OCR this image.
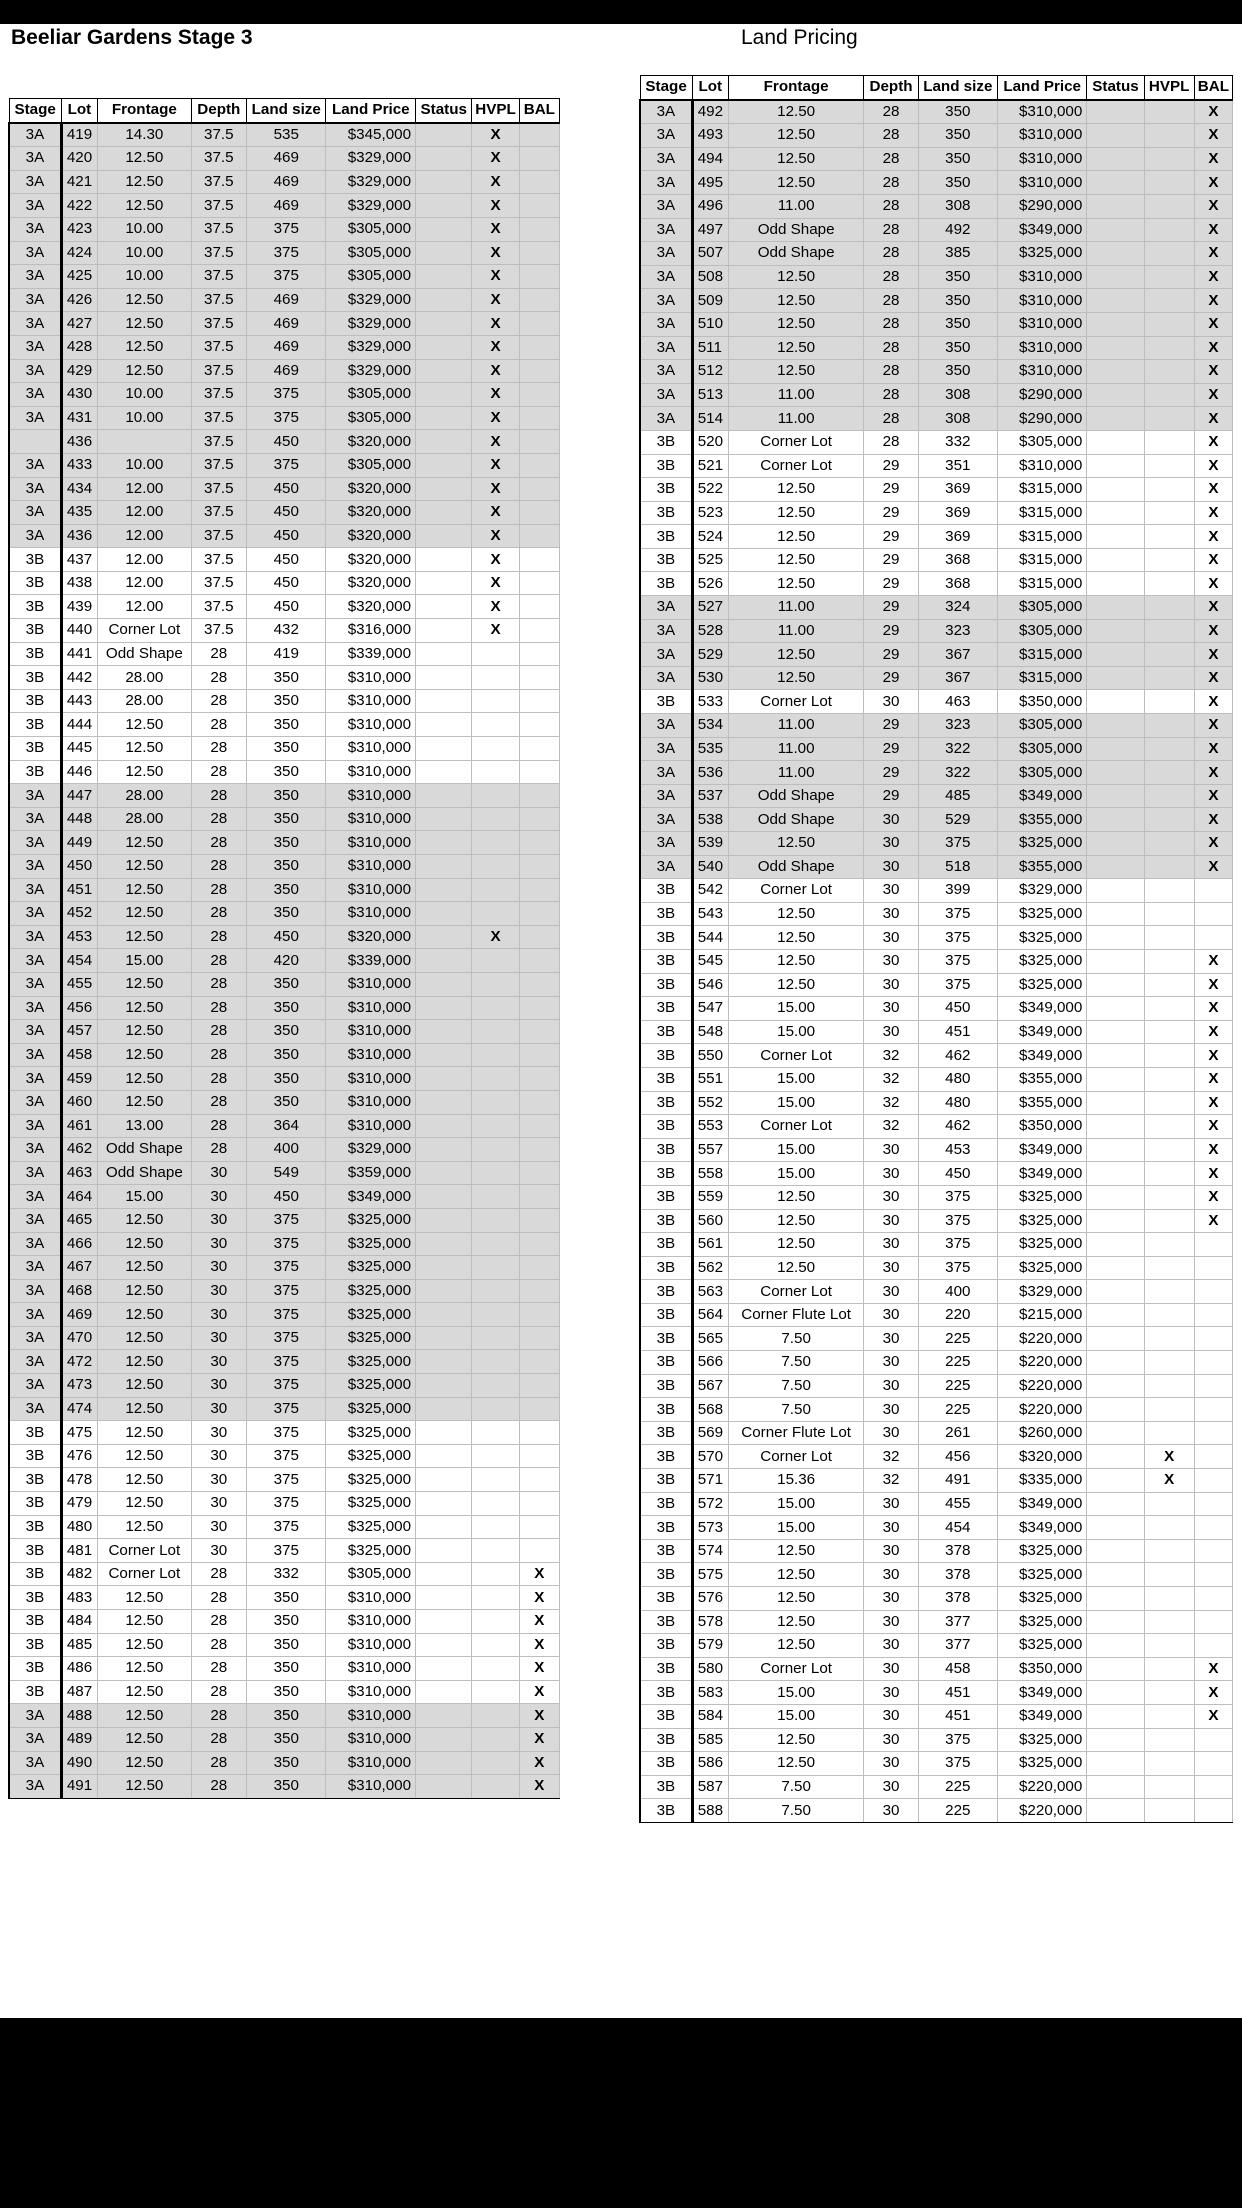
Beeliar Gardens Stage 3	Land Pricing
Stage	Lot	Frontage	Depth	Land size	Land Price	Status	HVPL	BAL
3A	419	14.30	37.5	535	$345,000		X	
3A	420	12.50	37.5	469	$329,000		X	
3A	421	12.50	37.5	469	$329,000		X	
3A	422	12.50	37.5	469	$329,000		X	
3A	423	10.00	37.5	375	$305,000		X	
3A	424	10.00	37.5	375	$305,000		X	
3A	425	10.00	37.5	375	$305,000		X	
3A	426	12.50	37.5	469	$329,000		X	
3A	427	12.50	37.5	469	$329,000		X	
3A	428	12.50	37.5	469	$329,000		X	
3A	429	12.50	37.5	469	$329,000		X	
3A	430	10.00	37.5	375	$305,000		X	
3A	431	10.00	37.5	375	$305,000		X	
	436		37.5	450	$320,000		X	
3A	433	10.00	37.5	375	$305,000		X	
3A	434	12.00	37.5	450	$320,000		X	
3A	435	12.00	37.5	450	$320,000		X	
3A	436	12.00	37.5	450	$320,000		X	
3B	437	12.00	37.5	450	$320,000		X	
3B	438	12.00	37.5	450	$320,000		X	
3B	439	12.00	37.5	450	$320,000		X	
3B	440	Corner Lot	37.5	432	$316,000		X	
3B	441	Odd Shape	28	419	$339,000			
3B	442	28.00	28	350	$310,000			
3B	443	28.00	28	350	$310,000			
3B	444	12.50	28	350	$310,000			
3B	445	12.50	28	350	$310,000			
3B	446	12.50	28	350	$310,000			
3A	447	28.00	28	350	$310,000			
3A	448	28.00	28	350	$310,000			
3A	449	12.50	28	350	$310,000			
3A	450	12.50	28	350	$310,000			
3A	451	12.50	28	350	$310,000			
3A	452	12.50	28	350	$310,000			
3A	453	12.50	28	450	$320,000		X	
3A	454	15.00	28	420	$339,000			
3A	455	12.50	28	350	$310,000			
3A	456	12.50	28	350	$310,000			
3A	457	12.50	28	350	$310,000			
3A	458	12.50	28	350	$310,000			
3A	459	12.50	28	350	$310,000			
3A	460	12.50	28	350	$310,000			
3A	461	13.00	28	364	$310,000			
3A	462	Odd Shape	28	400	$329,000			
3A	463	Odd Shape	30	549	$359,000			
3A	464	15.00	30	450	$349,000			
3A	465	12.50	30	375	$325,000			
3A	466	12.50	30	375	$325,000			
3A	467	12.50	30	375	$325,000			
3A	468	12.50	30	375	$325,000			
3A	469	12.50	30	375	$325,000			
3A	470	12.50	30	375	$325,000			
3A	472	12.50	30	375	$325,000			
3A	473	12.50	30	375	$325,000			
3A	474	12.50	30	375	$325,000			
3B	475	12.50	30	375	$325,000			
3B	476	12.50	30	375	$325,000			
3B	478	12.50	30	375	$325,000			
3B	479	12.50	30	375	$325,000			
3B	480	12.50	30	375	$325,000			
3B	481	Corner Lot	30	375	$325,000			
3B	482	Corner Lot	28	332	$305,000			X
3B	483	12.50	28	350	$310,000			X
3B	484	12.50	28	350	$310,000			X
3B	485	12.50	28	350	$310,000			X
3B	486	12.50	28	350	$310,000			X
3B	487	12.50	28	350	$310,000			X
3A	488	12.50	28	350	$310,000			X
3A	489	12.50	28	350	$310,000			X
3A	490	12.50	28	350	$310,000			X
3A	491	12.50	28	350	$310,000			X
Stage	Lot	Frontage	Depth	Land size	Land Price	Status	HVPL	BAL
3A	492	12.50	28	350	$310,000			X
3A	493	12.50	28	350	$310,000			X
3A	494	12.50	28	350	$310,000			X
3A	495	12.50	28	350	$310,000			X
3A	496	11.00	28	308	$290,000			X
3A	497	Odd Shape	28	492	$349,000			X
3A	507	Odd Shape	28	385	$325,000			X
3A	508	12.50	28	350	$310,000			X
3A	509	12.50	28	350	$310,000			X
3A	510	12.50	28	350	$310,000			X
3A	511	12.50	28	350	$310,000			X
3A	512	12.50	28	350	$310,000			X
3A	513	11.00	28	308	$290,000			X
3A	514	11.00	28	308	$290,000			X
3B	520	Corner Lot	28	332	$305,000			X
3B	521	Corner Lot	29	351	$310,000			X
3B	522	12.50	29	369	$315,000			X
3B	523	12.50	29	369	$315,000			X
3B	524	12.50	29	369	$315,000			X
3B	525	12.50	29	368	$315,000			X
3B	526	12.50	29	368	$315,000			X
3A	527	11.00	29	324	$305,000			X
3A	528	11.00	29	323	$305,000			X
3A	529	12.50	29	367	$315,000			X
3A	530	12.50	29	367	$315,000			X
3B	533	Corner Lot	30	463	$350,000			X
3A	534	11.00	29	323	$305,000			X
3A	535	11.00	29	322	$305,000			X
3A	536	11.00	29	322	$305,000			X
3A	537	Odd Shape	29	485	$349,000			X
3A	538	Odd Shape	30	529	$355,000			X
3A	539	12.50	30	375	$325,000			X
3A	540	Odd Shape	30	518	$355,000			X
3B	542	Corner Lot	30	399	$329,000			
3B	543	12.50	30	375	$325,000			
3B	544	12.50	30	375	$325,000			
3B	545	12.50	30	375	$325,000			X
3B	546	12.50	30	375	$325,000			X
3B	547	15.00	30	450	$349,000			X
3B	548	15.00	30	451	$349,000			X
3B	550	Corner Lot	32	462	$349,000			X
3B	551	15.00	32	480	$355,000			X
3B	552	15.00	32	480	$355,000			X
3B	553	Corner Lot	32	462	$350,000			X
3B	557	15.00	30	453	$349,000			X
3B	558	15.00	30	450	$349,000			X
3B	559	12.50	30	375	$325,000			X
3B	560	12.50	30	375	$325,000			X
3B	561	12.50	30	375	$325,000			
3B	562	12.50	30	375	$325,000			
3B	563	Corner Lot	30	400	$329,000			
3B	564	Corner Flute Lot	30	220	$215,000			
3B	565	7.50	30	225	$220,000			
3B	566	7.50	30	225	$220,000			
3B	567	7.50	30	225	$220,000			
3B	568	7.50	30	225	$220,000			
3B	569	Corner Flute Lot	30	261	$260,000			
3B	570	Corner Lot	32	456	$320,000		X	
3B	571	15.36	32	491	$335,000		X	
3B	572	15.00	30	455	$349,000			
3B	573	15.00	30	454	$349,000			
3B	574	12.50	30	378	$325,000			
3B	575	12.50	30	378	$325,000			
3B	576	12.50	30	378	$325,000			
3B	578	12.50	30	377	$325,000			
3B	579	12.50	30	377	$325,000			
3B	580	Corner Lot	30	458	$350,000			X
3B	583	15.00	30	451	$349,000			X
3B	584	15.00	30	451	$349,000			X
3B	585	12.50	30	375	$325,000			
3B	586	12.50	30	375	$325,000			
3B	587	7.50	30	225	$220,000			
3B	588	7.50	30	225	$220,000			
